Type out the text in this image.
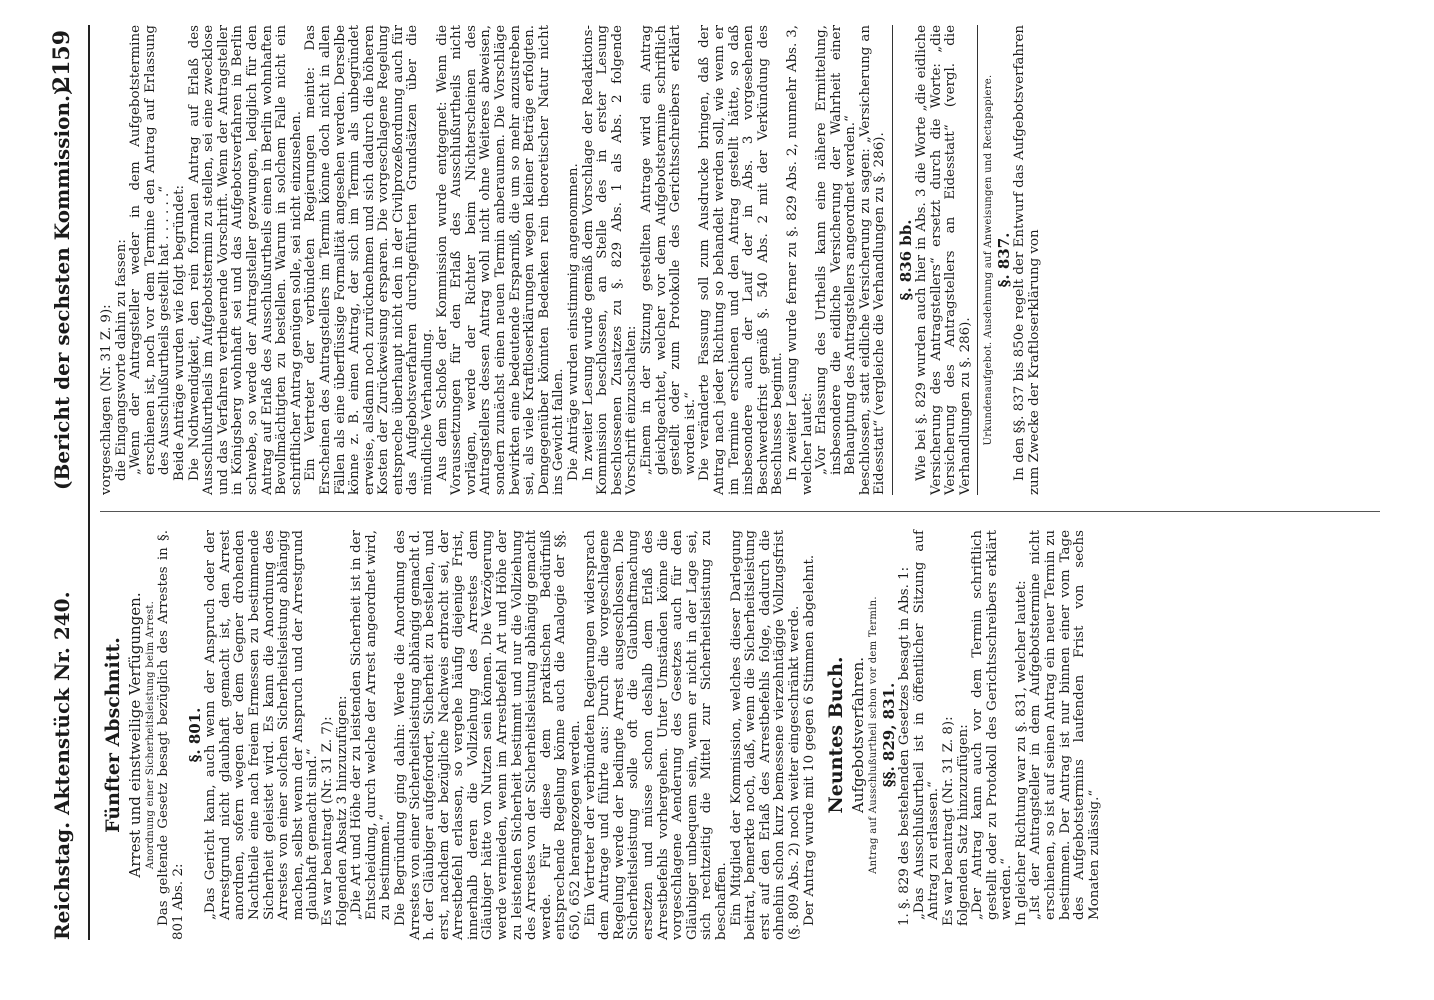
Reichstag. Aktenstück Nr. 240.
(Bericht der sechsten Kommission.)
2159

Fünfter Abschnitt. Arrest und einstweilige Verfügungen. Anordnung einer Sicherheitsleistung beim Arrest. Das geltende Gesetz besagt bezüglich des Arrestes in §. 801 Abs. 2:

§. 801. „Das Gericht kann, auch wenn der Anspruch oder der Arrestgrund nicht glaubhaft gemacht ist, den Arrest anordnen, sofern wegen der dem Gegner drohenden Nachtheile eine nach freiem Ermessen zu bestimmende Sicherheit geleistet wird. Es kann die Anordnung des Arrestes von einer solchen Sicherheitsleistung abhängig machen, selbst wenn der Anspruch und der Arrestgrund glaubhaft gemacht sind.“ Es war beantragt (Nr. 31 Z. 7): folgenden Absatz 3 hinzuzufügen: „Die Art und Höhe der zu leistenden Sicherheit ist in der Entscheidung, durch welche der Arrest angeordnet wird, zu bestimmen.“ Die Begründung ging dahin: Werde die Anordnung des Arrestes von einer Sicherheitsleistung abhängig gemacht d. h. der Gläubiger aufgefordert, Sicherheit zu bestellen, und erst, nachdem der bezügliche Nachweis erbracht sei, der Arrestbefehl erlassen, so vergehe häufig diejenige Frist, innerhalb deren die Vollziehung des Arrestes dem Gläubiger hätte von Nutzen sein können. Die Verzögerung werde vermieden, wenn im Arrestbefehl Art und Höhe der zu leistenden Sicherheit bestimmt und nur die Vollziehung des Arrestes von der Sicherheitsleistung abhängig gemacht werde. Für diese dem praktischen Bedürfniß entsprechende Regelung könne auch die Analogie der §§. 650, 652 herangezogen werden. Ein Vertreter der verbündeten Regierungen widersprach dem Antrage und führte aus: Durch die vorgeschlagene Regelung werde der bedingte Arrest ausgeschlossen. Die Sicherheitsleistung solle oft die Glaubhaftmachung ersetzen und müsse schon deshalb dem Erlaß des Arrestbefehls vorhergehen. Unter Umständen könne die vorgeschlagene Aenderung des Gesetzes auch für den Gläubiger unbequem sein, wenn er nicht in der Lage sei, sich rechtzeitig die Mittel zur Sicherheitsleistung zu beschaffen. Ein Mitglied der Kommission, welches dieser Darlegung beitrat, bemerkte noch, daß, wenn die Sicherheitsleistung erst auf den Erlaß des Arrestbefehls folge, dadurch die ohnehin schon kurz bemessene vierzehntägige Vollzugsfrist (§. 809 Abs. 2) noch weiter eingeschränkt werde. Der Antrag wurde mit 10 gegen 6 Stimmen abgelehnt. Neuntes Buch. Aufgebotsverfahren. Antrag auf Ausschlußurtheil schon vor dem Termin. §§. 829, 831. 1. §. 829 des bestehenden Gesetzes besagt in Abs. 1: „Das Ausschlußurtheil ist in öffentlicher Sitzung auf Antrag zu erlassen.“ Es war beantragt (Nr. 31 Z. 8): folgenden Satz hinzuzufügen: „Der Antrag kann auch vor dem Termin schriftlich gestellt oder zu Protokoll des Gerichtsschreibers erklärt werden.“ In gleicher Richtung war zu §. 831, welcher lautet: „Ist der Antragsteller in dem Aufgebotstermine nicht erschienen, so ist auf seinen Antrag ein neuer Termin zu bestimmen. Der Antrag ist nur binnen einer vom Tage des Aufgebotstermins laufenden Frist von sechs Monaten zulässig.“

vorgeschlagen (Nr. 31 Z. 9): die Eingangsworte dahin zu fassen: „Wenn der Antragsteller weder in dem Aufgebotstermine erschienen ist, noch vor dem Termine den Antrag auf Erlassung des Ausschlußurtheils gestellt hat . . . . . .“ Beide Anträge wurden wie folgt begründet: Die Nothwendigkeit, den rein formalen Antrag auf Erlaß des Ausschlußurtheils im Aufgebotstermin zu stellen, sei eine zwecklose und das Verfahren vertheuernde Vorschrift. Wenn der Antragsteller in Königsberg wohnhaft sei und das Aufgebotsverfahren in Berlin schwebe, so werde der Antragsteller gezwungen, lediglich für den Antrag auf Erlaß des Ausschlußurtheils einen in Berlin wohnhaften Bevollmächtigten zu bestellen. Warum in solchem Falle nicht ein schriftlicher Antrag genügen solle, sei nicht einzusehen. Ein Vertreter der verbündeten Regierungen meinte: Das Erscheinen des Antragstellers im Termin könne doch nicht in allen Fällen als eine überflüssige Formalität angesehen werden. Derselbe könne z. B. einen Antrag, der sich im Termin als unbegründet erweise, alsdann noch zurücknehmen und sich dadurch die höheren Kosten der Zurückweisung ersparen. Die vorgeschlagene Regelung entspreche überhaupt nicht den in der Civilprozeßordnung auch für das Aufgebotsverfahren durchgeführten Grundsätzen über die mündliche Verhandlung. Aus dem Schoße der Kommission wurde entgegnet: Wenn die Voraussetzungen für den Erlaß des Ausschlußurtheils nicht vorlägen, werde der Richter beim Nichterscheinen des Antragstellers dessen Antrag wohl nicht ohne Weiteres abweisen, sondern zunächst einen neuen Termin anberaumen. Die Vorschläge bewirkten eine bedeutende Ersparniß, die um so mehr anzustreben sei, als viele Kraftloserklärungen wegen kleiner Beträge erfolgten. Demgegenüber könnten Bedenken rein theoretischer Natur nicht ins Gewicht fallen. Die Anträge wurden einstimmig angenommen. In zweiter Lesung wurde gemäß dem Vorschlage der Redaktions-Kommission beschlossen, an Stelle des in erster Lesung beschlossenen Zusatzes zu §. 829 Abs. 1 als Abs. 2 folgende Vorschrift einzuschalten: „Einem in der Sitzung gestellten Antrage wird ein Antrag gleichgeachtet, welcher vor dem Aufgebotstermine schriftlich gestellt oder zum Protokolle des Gerichtsschreibers erklärt worden ist.“ Die veränderte Fassung soll zum Ausdrucke bringen, daß der Antrag nach jeder Richtung so behandelt werden soll, wie wenn er im Termine erschienen und den Antrag gestellt hätte, so daß insbesondere auch der Lauf der in Abs. 3 vorgesehenen Beschwerdefrist gemäß §. 540 Abs. 2 mit der Verkündung des Beschlusses beginnt. In zweiter Lesung wurde ferner zu §. 829 Abs. 2, nunmehr Abs. 3, welcher lautet: „Vor Erlassung des Urtheils kann eine nähere Ermittelung, insbesondere die eidliche Versicherung der Wahrheit einer Behauptung des Antragstellers angeordnet werden.“ beschlossen, statt eidliche Versicherung zu sagen: „Versicherung an Eidesstatt“ (vergleiche die Verhandlungen zu §. 286). §. 836 bb. Wie bei §. 829 wurden auch hier in Abs. 3 die Worte „die eidliche Versicherung des Antragstellers“ ersetzt durch die Worte: „die Versicherung des Antragstellers an Eidesstatt“ (vergl. die Verhandlungen zu §. 286). Urkundenaufgebot. Ausdehnung auf Anweisungen und Rectapapiere. §. 837. In den §§. 837 bis 850e regelt der Entwurf das Aufgebotsverfahren zum Zwecke der Kraftloserklärung von
